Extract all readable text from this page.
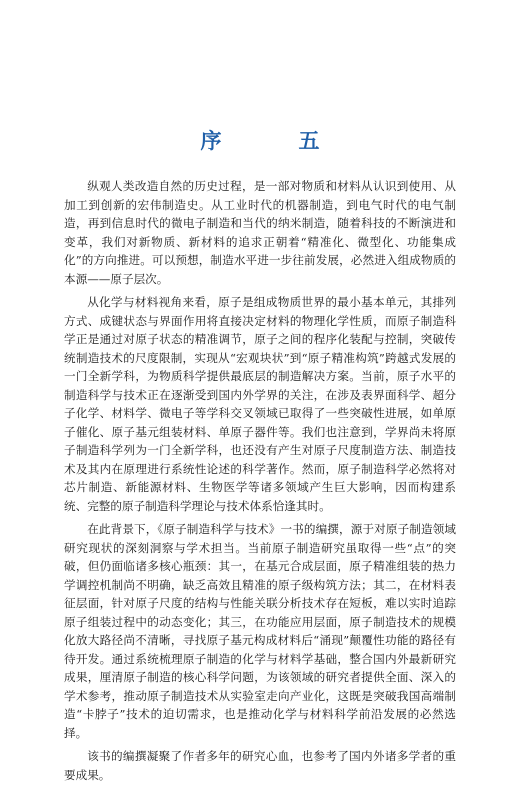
序　五

纵观人类改造自然的历史过程，是一部对物质和材料从认识到使用、从加工到创新的宏伟制造史。从工业时代的机器制造，到电气时代的电气制造，再到信息时代的微电子制造和当代的纳米制造，随着科技的不断演进和变革，我们对新物质、新材料的追求正朝着“精准化、微型化、功能集成化”的方向推进。可以预想，制造水平进一步往前发展，必然进入组成物质的本源——原子层次。

从化学与材料视角来看，原子是组成物质世界的最小基本单元，其排列方式、成键状态与界面作用将直接决定材料的物理化学性质，而原子制造科学正是通过对原子状态的精准调节，原子之间的程序化装配与控制，突破传统制造技术的尺度限制，实现从“宏观块状”到“原子精准构筑”跨越式发展的一门全新学科，为物质科学提供最底层的制造解决方案。当前，原子水平的制造科学与技术正在逐渐受到国内外学界的关注，在涉及表界面科学、超分子化学、材料学、微电子等学科交叉领域已取得了一些突破性进展，如单原子催化、原子基元组装材料、单原子器件等。我们也注意到，学界尚未将原子制造科学列为一门全新学科，也还没有产生对原子尺度制造方法、制造技术及其内在原理进行系统性论述的科学著作。然而，原子制造科学必然将对芯片制造、新能源材料、生物医学等诸多领域产生巨大影响，因而构建系统、完整的原子制造科学理论与技术体系恰逢其时。

在此背景下，《原子制造科学与技术》一书的编撰，源于对原子制造领域研究现状的深刻洞察与学术担当。当前原子制造研究虽取得一些“点”的突破，但仍面临诸多核心瓶颈：其一，在基元合成层面，原子精准组装的热力学调控机制尚不明确，缺乏高效且精准的原子级构筑方法；其二，在材料表征层面，针对原子尺度的结构与性能关联分析技术存在短板，难以实时追踪原子组装过程中的动态变化；其三，在功能应用层面，原子制造技术的规模化放大路径尚不清晰，寻找原子基元构成材料后“涌现”颠覆性功能的路径有待开发。通过系统梳理原子制造的化学与材料学基础，整合国内外最新研究成果，厘清原子制造的核心科学问题，为该领域的研究者提供全面、深入的学术参考，推动原子制造技术从实验室走向产业化，这既是突破我国高端制造“卡脖子”技术的迫切需求，也是推动化学与材料科学前沿发展的必然选择。

该书的编撰凝聚了作者多年的研究心血，也参考了国内外诸多学者的重要成果。
